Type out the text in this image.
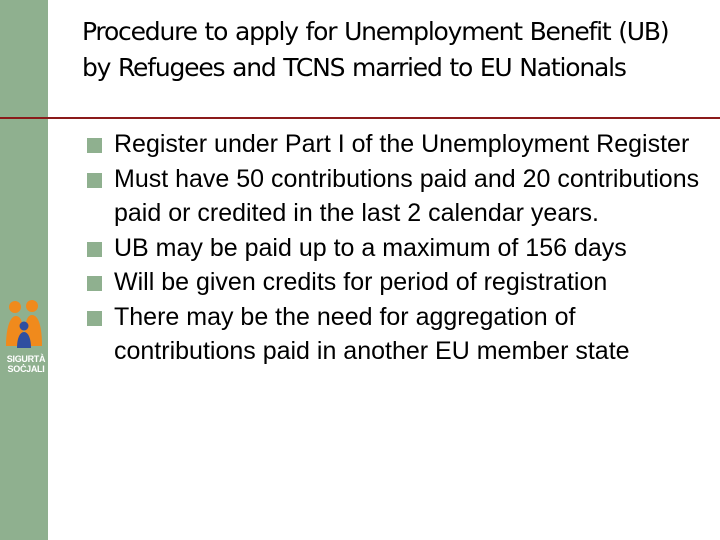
SIGURTÀ
SOĊJALI
Procedure to apply for Unemployment Benefit (UB) by Refugees and TCNS married to EU Nationals
Register under Part I of the Unemployment Register
Must have 50 contributions paid and 20 contributions paid or credited in the last 2 calendar years.
UB may be paid up to a maximum of 156 days
Will be given credits for period of registration
There may be the need for aggregation of contributions paid in another EU member state
